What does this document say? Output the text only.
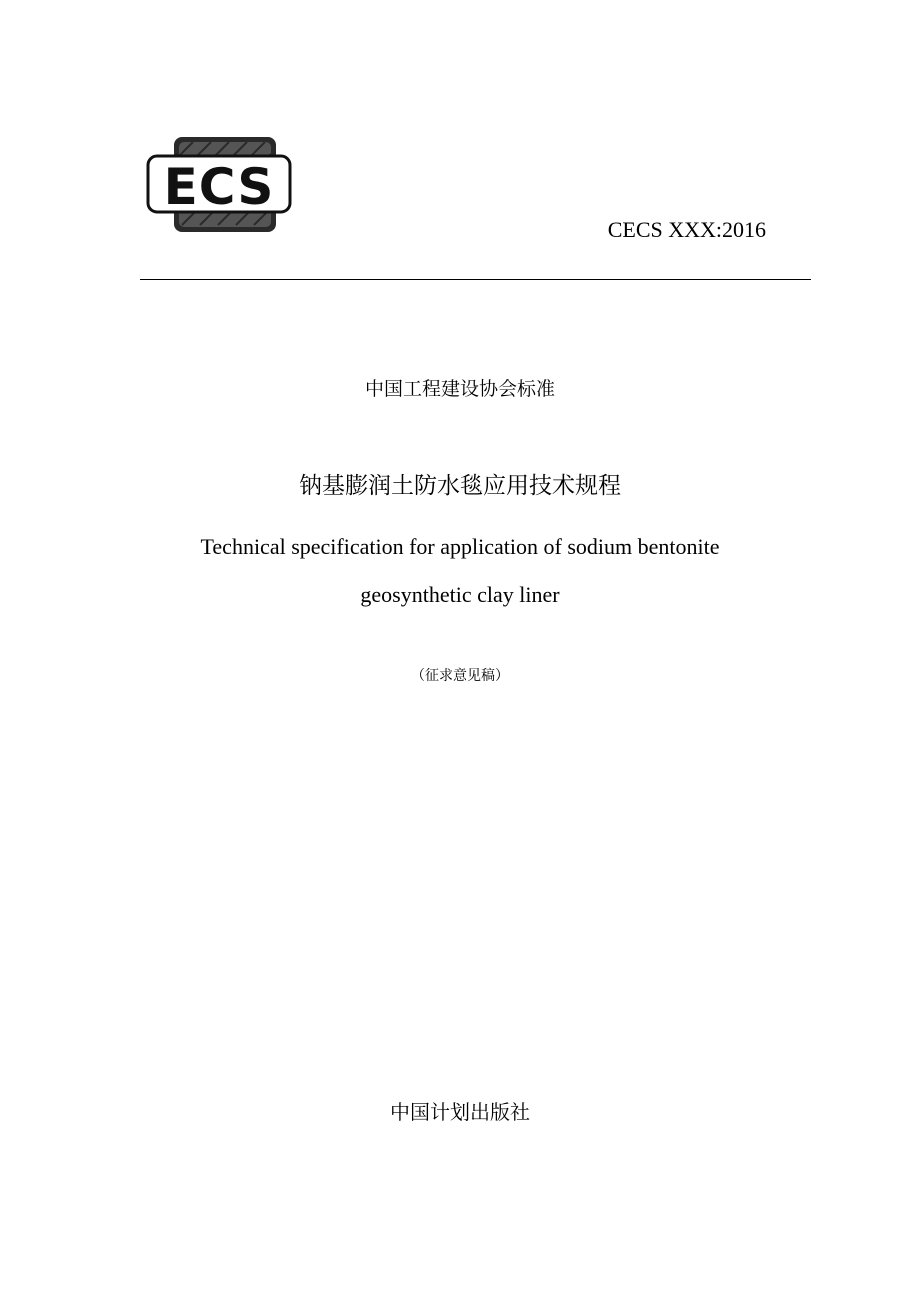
ECS
CECS XXX:2016
中国工程建设协会标准
钠基膨润土防水毯应用技术规程
Technical specification for application of sodium bentonite
geosynthetic clay liner
（征求意见稿）
中国计划出版社
